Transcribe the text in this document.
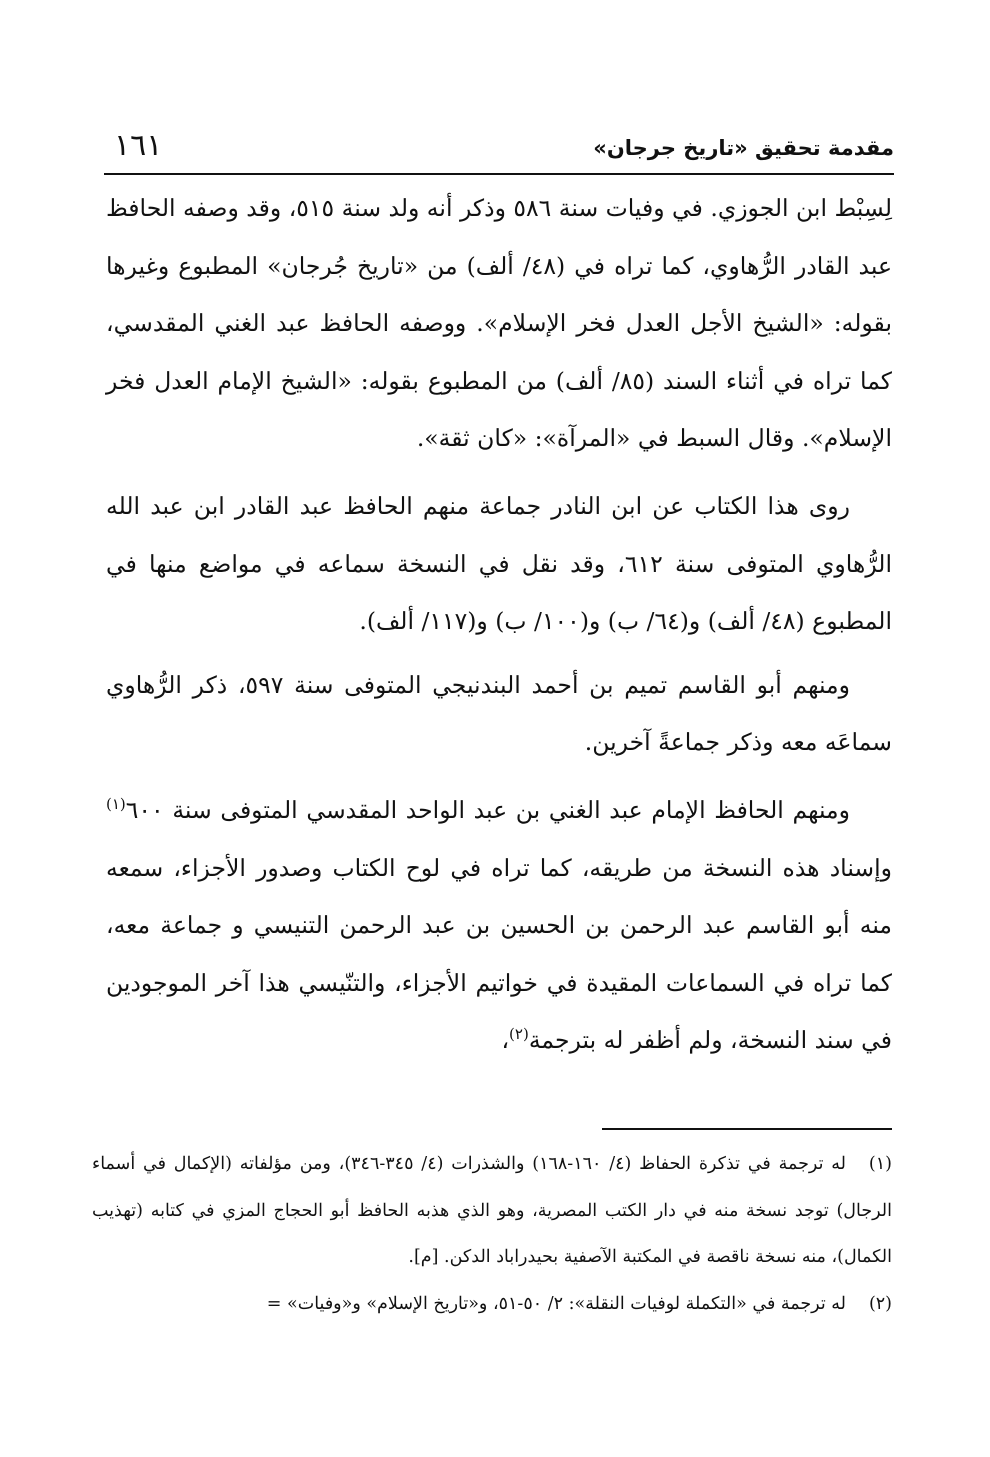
مقدمة تحقيق «تاريخ جرجان»
١٦١

لِسِبْط ابن الجوزي. في وفيات سنة ٥٨٦ وذكر أنه ولد سنة ٥١٥، وقد وصفه الحافظ عبد القادر الرُّهاوي، كما تراه في (٤٨/ ألف) من «تاريخ جُرجان» المطبوع وغيرها بقوله: «الشيخ الأجل العدل فخر الإسلام». ووصفه الحافظ عبد الغني المقدسي، كما تراه في أثناء السند (٨٥/ ألف) من المطبوع بقوله: «الشيخ الإمام العدل فخر الإسلام». وقال السبط في «المرآة»: «كان ثقة».

روى هذا الكتاب عن ابن النادر جماعة منهم الحافظ عبد القادر ابن عبد الله الرُّهاوي المتوفى سنة ٦١٢، وقد نقل في النسخة سماعه في مواضع منها في المطبوع (٤٨/ ألف) و(٦٤/ ب) و(١٠٠/ ب) و(١١٧/ ألف).

ومنهم أبو القاسم تميم بن أحمد البندنيجي المتوفى سنة ٥٩٧، ذكر الرُّهاوي سماعَه معه وذكر جماعةً آخرين.

ومنهم الحافظ الإمام عبد الغني بن عبد الواحد المقدسي المتوفى سنة ٦٠٠$^{(١)}$ وإسناد هذه النسخة من طريقه، كما تراه في لوح الكتاب وصدور الأجزاء، سمعه منه أبو القاسم عبد الرحمن بن الحسين بن عبد الرحمن التنيسي و جماعة معه، كما تراه في السماعات المقيدة في خواتيم الأجزاء، والتنّيسي هذا آخر الموجودين في سند النسخة، ولم أظفر له بترجمة$^{(٢)}$،

(١)له ترجمة في تذكرة الحفاظ (٤/ ١٦٠-١٦٨) والشذرات (٤/ ٣٤٥-٣٤٦)، ومن مؤلفاته (الإكمال في أسماء الرجال) توجد نسخة منه في دار الكتب المصرية، وهو الذي هذبه الحافظ أبو الحجاج المزي في كتابه (تهذيب الكمال)، منه نسخة ناقصة في المكتبة الآصفية بحيدراباد الدكن. [م].

(٢)له ترجمة في «التكملة لوفيات النقلة»: ٢/ ٥٠-٥١، و«تاريخ الإسلام» و«وفيات» =
